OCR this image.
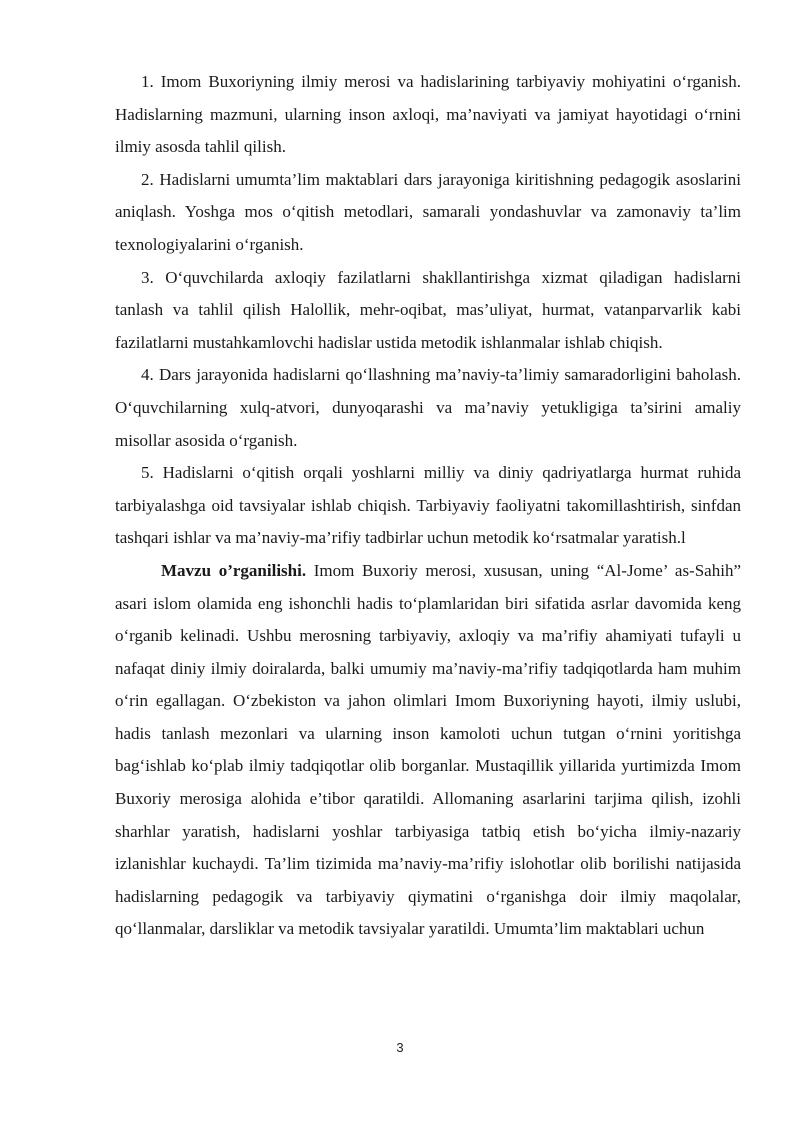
1. Imom Buxoriyning ilmiy merosi va hadislarining tarbiyaviy mohiyatini o‘rganish. Hadislarning mazmuni, ularning inson axloqi, ma’naviyati va jamiyat hayotidagi o‘rnini ilmiy asosda tahlil qilish.

2. Hadislarni umumta’lim maktablari dars jarayoniga kiritishning pedagogik asoslarini aniqlash. Yoshga mos o‘qitish metodlari, samarali yondashuvlar va zamonaviy ta’lim texnologiyalarini o‘rganish.

3. O‘quvchilarda axloqiy fazilatlarni shakllantirishga xizmat qiladigan hadislarni tanlash va tahlil qilish Halollik, mehr-oqibat, mas’uliyat, hurmat, vatanparvarlik kabi fazilatlarni mustahkamlovchi hadislar ustida metodik ishlanmalar ishlab chiqish.

4. Dars jarayonida hadislarni qo‘llashning ma’naviy-ta’limiy samaradorligini baholash. O‘quvchilarning xulq-atvori, dunyoqarashi va ma’naviy yetukligiga ta’sirini amaliy misollar asosida o‘rganish.

5. Hadislarni o‘qitish orqali yoshlarni milliy va diniy qadriyatlarga hurmat ruhida tarbiyalashga oid tavsiyalar ishlab chiqish. Tarbiyaviy faoliyatni takomillashtirish, sinfdan tashqari ishlar va ma’naviy-ma’rifiy tadbirlar uchun metodik ko‘rsatmalar yaratish.l

Mavzu o’rganilishi. Imom Buxoriy merosi, xususan, uning “Al-Jome’ as-Sahih” asari islom olamida eng ishonchli hadis to‘plamlaridan biri sifatida asrlar davomida keng o‘rganib kelinadi. Ushbu merosning tarbiyaviy, axloqiy va ma’rifiy ahamiyati tufayli u nafaqat diniy ilmiy doiralarda, balki umumiy ma’naviy-ma’rifiy tadqiqotlarda ham muhim o‘rin egallagan. O‘zbekiston va jahon olimlari Imom Buxoriyning hayoti, ilmiy uslubi, hadis tanlash mezonlari va ularning inson kamoloti uchun tutgan o‘rnini yoritishga bag‘ishlab ko‘plab ilmiy tadqiqotlar olib borganlar. Mustaqillik yillarida yurtimizda Imom Buxoriy merosiga alohida e’tibor qaratildi. Allomaning asarlarini tarjima qilish, izohli sharhlar yaratish, hadislarni yoshlar tarbiyasiga tatbiq etish bo‘yicha ilmiy-nazariy izlanishlar kuchaydi. Ta’lim tizimida ma’naviy-ma’rifiy islohotlar olib borilishi natijasida hadislarning pedagogik va tarbiyaviy qiymatini o‘rganishga doir ilmiy maqolalar, qo‘llanmalar, darsliklar va metodik tavsiyalar yaratildi. Umumta’lim maktablari uchun

3
